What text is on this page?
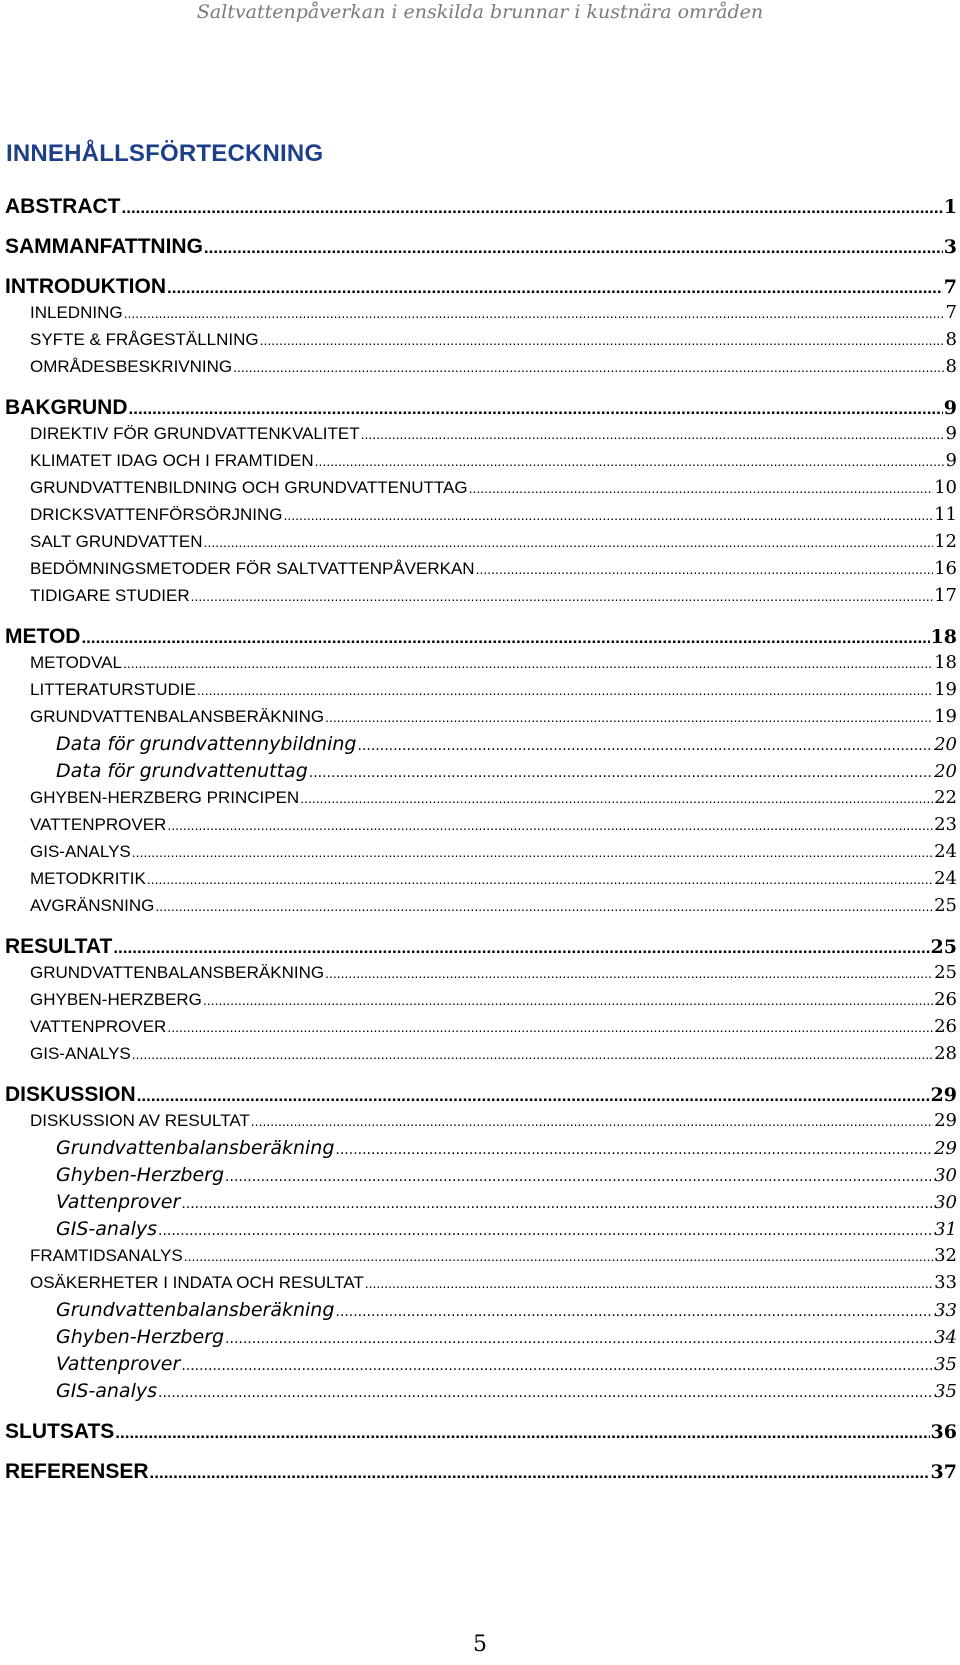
Saltvattenpåverkan i enskilda brunnar i kustnära områden
INNEHÅLLSFÖRTECKNING
ABSTRACT .....	1
SAMMANFATTNING .....	3
INTRODUKTION .....	7
INLEDNING .....	7
SYFTE & FRÅGESTÄLLNING .....	8
OMRÅDESBESKRIVNING .....	8
BAKGRUND .....	9
DIREKTIV FÖR GRUNDVATTENKVALITET .....	9
KLIMATET IDAG OCH I FRAMTIDEN .....	9
GRUNDVATTENBILDNING OCH GRUNDVATTENUTTAG .....	10
DRICKSVATTENFÖRSÖRJNING .....	11
SALT GRUNDVATTEN .....	12
BEDÖMNINGSMETODER FÖR SALTVATTENPÅVERKAN .....	16
TIDIGARE STUDIER .....	17
METOD .....	18
METODVAL .....	18
LITTERATURSTUDIE .....	19
GRUNDVATTENBALANSBERÄKNING .....	19
Data för grundvattennybildning .....	20
Data för grundvattenuttag .....	20
GHYBEN-HERZBERG PRINCIPEN .....	22
VATTENPROVER .....	23
GIS-ANALYS .....	24
METODKRITIK .....	24
AVGRÄNSNING .....	25
RESULTAT .....	25
GRUNDVATTENBALANSBERÄKNING .....	25
GHYBEN-HERZBERG .....	26
VATTENPROVER .....	26
GIS-ANALYS .....	28
DISKUSSION .....	29
DISKUSSION AV RESULTAT .....	29
Grundvattenbalansberäkning .....	29
Ghyben-Herzberg .....	30
Vattenprover .....	30
GIS-analys .....	31
FRAMTIDSANALYS .....	32
OSÄKERHETER I INDATA OCH RESULTAT .....	33
Grundvattenbalansberäkning .....	33
Ghyben-Herzberg .....	34
Vattenprover .....	35
GIS-analys .....	35
SLUTSATS .....	36
REFERENSER .....	37
5
